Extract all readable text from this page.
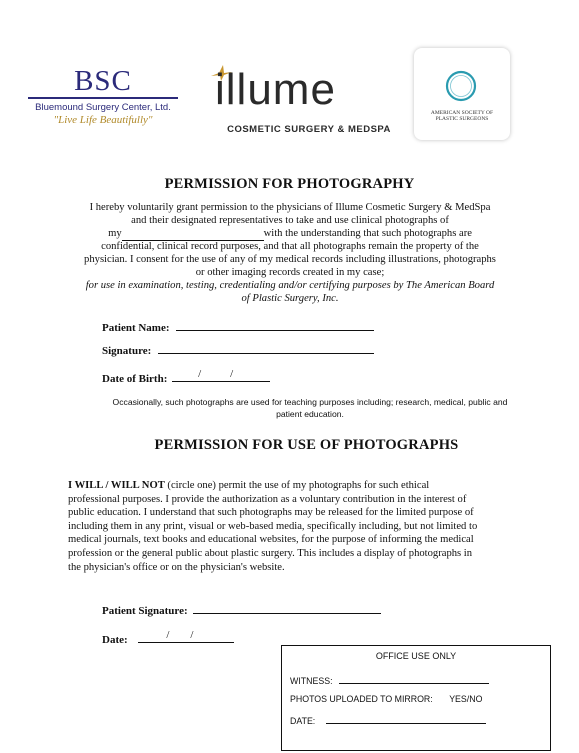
BSC
Bluemound Surgery Center, Ltd.
"Live Life Beautifully"
illume
COSMETIC SURGERY & MEDSPA
AMERICAN SOCIETY OF PLASTIC SURGEONS
PERMISSION FOR PHOTOGRAPHY

I hereby voluntarily grant permission to the physicians of Illume Cosmetic Surgery & MedSpa

and their designated representatives to take and use clinical photographs of

my	with the understanding that such photographs are

confidential, clinical record purposes, and that all photographs remain the property of the

physician. I consent for the use of any of my medical records including illustrations, photographs

or other imaging records created in my case;

for use in examination, testing, credentialing and/or certifying purposes by The American Board

of Plastic Surgery, Inc.

Patient Name:
Signature:
Date of Birth:	/	/
Occasionally, such photographs are used for teaching purposes including; research, medical, public and
patient education.
PERMISSION FOR USE OF PHOTOGRAPHS

I WILL / WILL NOT (circle one) permit the use of my photographs for such ethical

professional purposes. I provide the authorization as a voluntary contribution in the interest of

public education. I understand that such photographs may be released for the limited purpose of

including them in any print, visual or web-based media, specifically including, but not limited to

medical journals, text books and educational websites, for the purpose of informing the medical

profession or the general public about plastic surgery. This includes a display of photographs in

the physician's office or on the physician's website.

Patient Signature:
Date:	/ /
OFFICE USE ONLY
WITNESS:
PHOTOS UPLOADED TO MIRROR: YES/NO
DATE:
